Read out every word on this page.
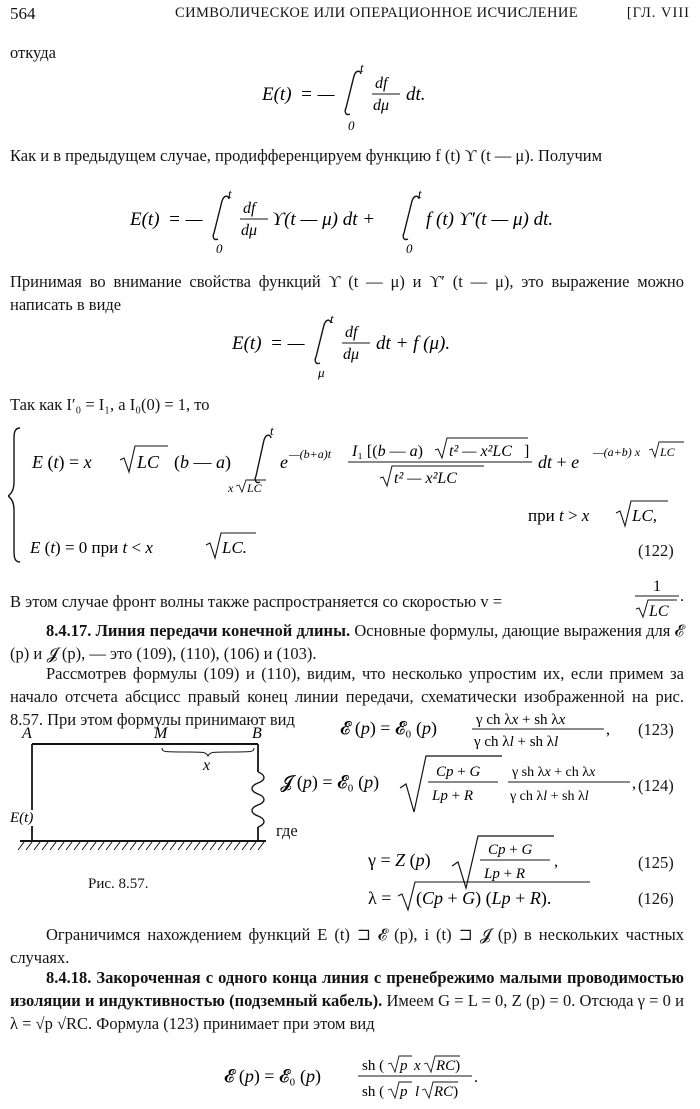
564	СИМВОЛИЧЕСКОЕ ИЛИ ОПЕРАЦИОННОЕ ИСЧИСЛЕНИЕ	[ГЛ. VIII
откуда
E(t) = —
t
0
df
dμ
dt.
Как и в предыдущем случае, продифференцируем функцию f (t) ϒ (t — μ). Получим
E(t) = —
t
0
df
dμ
ϒ(t — μ) dt +
t
0
f (t) ϒ′(t — μ) dt.
Принимая во внимание свойства функций ϒ (t — μ) и ϒ′ (t — μ), это выражение можно написать в виде
E(t) = —
t
μ
df
dμ
dt + f (μ).
Так как I′₀ = I₁, а I₀(0) = 1, то
E (t) = x	LC (b — a)
t
x LC
e —(b+a)t I₁ [(b — a) t² — x²LC ]
t² — x²LC
dt + e —(a+b) x LC
при t > x	LC,
E (t) = 0 при t < x	LC.	(122)
В этом случае фронт волны также распространяется со скоростью v =
1
LC
.
8.4.17. Линия передачи конечной длины. Основные формулы, дающие выражения для 𝓔 (p) и 𝓙 (p), — это (109), (110), (106) и (103).
Рассмотрев формулы (109) и (110), видим, что несколько упростим их, если примем за начало отсчета абсцисс правый конец линии передачи, схематически изображенной на рис. 8.57. При этом формулы принимают вид
A	M	B
x
E(t)
Рис. 8.57.
𝓔 (p) = 𝓔₀ (p)	γ ch λx + sh λx
γ ch λl + sh λl
, (123)
𝓙 (p) = 𝓔₀ (p)	Cp + G
Lp + R
γ sh λx + ch λx
γ ch λl + sh λl
, (124)
где
γ = Z (p)	Cp + G
Lp + R
,	(125)
λ = (Cp + G) (Lp + R).	(126)
Ограничимся нахождением функций E (t) ⊐ 𝓔 (p), i (t) ⊐ 𝓙 (p) в нескольких частных случаях.
8.4.18. Закороченная с одного конца линия с пренебрежимо малыми проводимостью изоляции и индуктивностью (подземный кабель). Имеем G = L = 0, Z (p) = 0. Отсюда γ = 0 и λ = √p √RC. Формула (123) принимает при этом вид
𝓔 (p) = 𝓔₀ (p)	sh ( p x RC)
sh ( p l RC)
.
